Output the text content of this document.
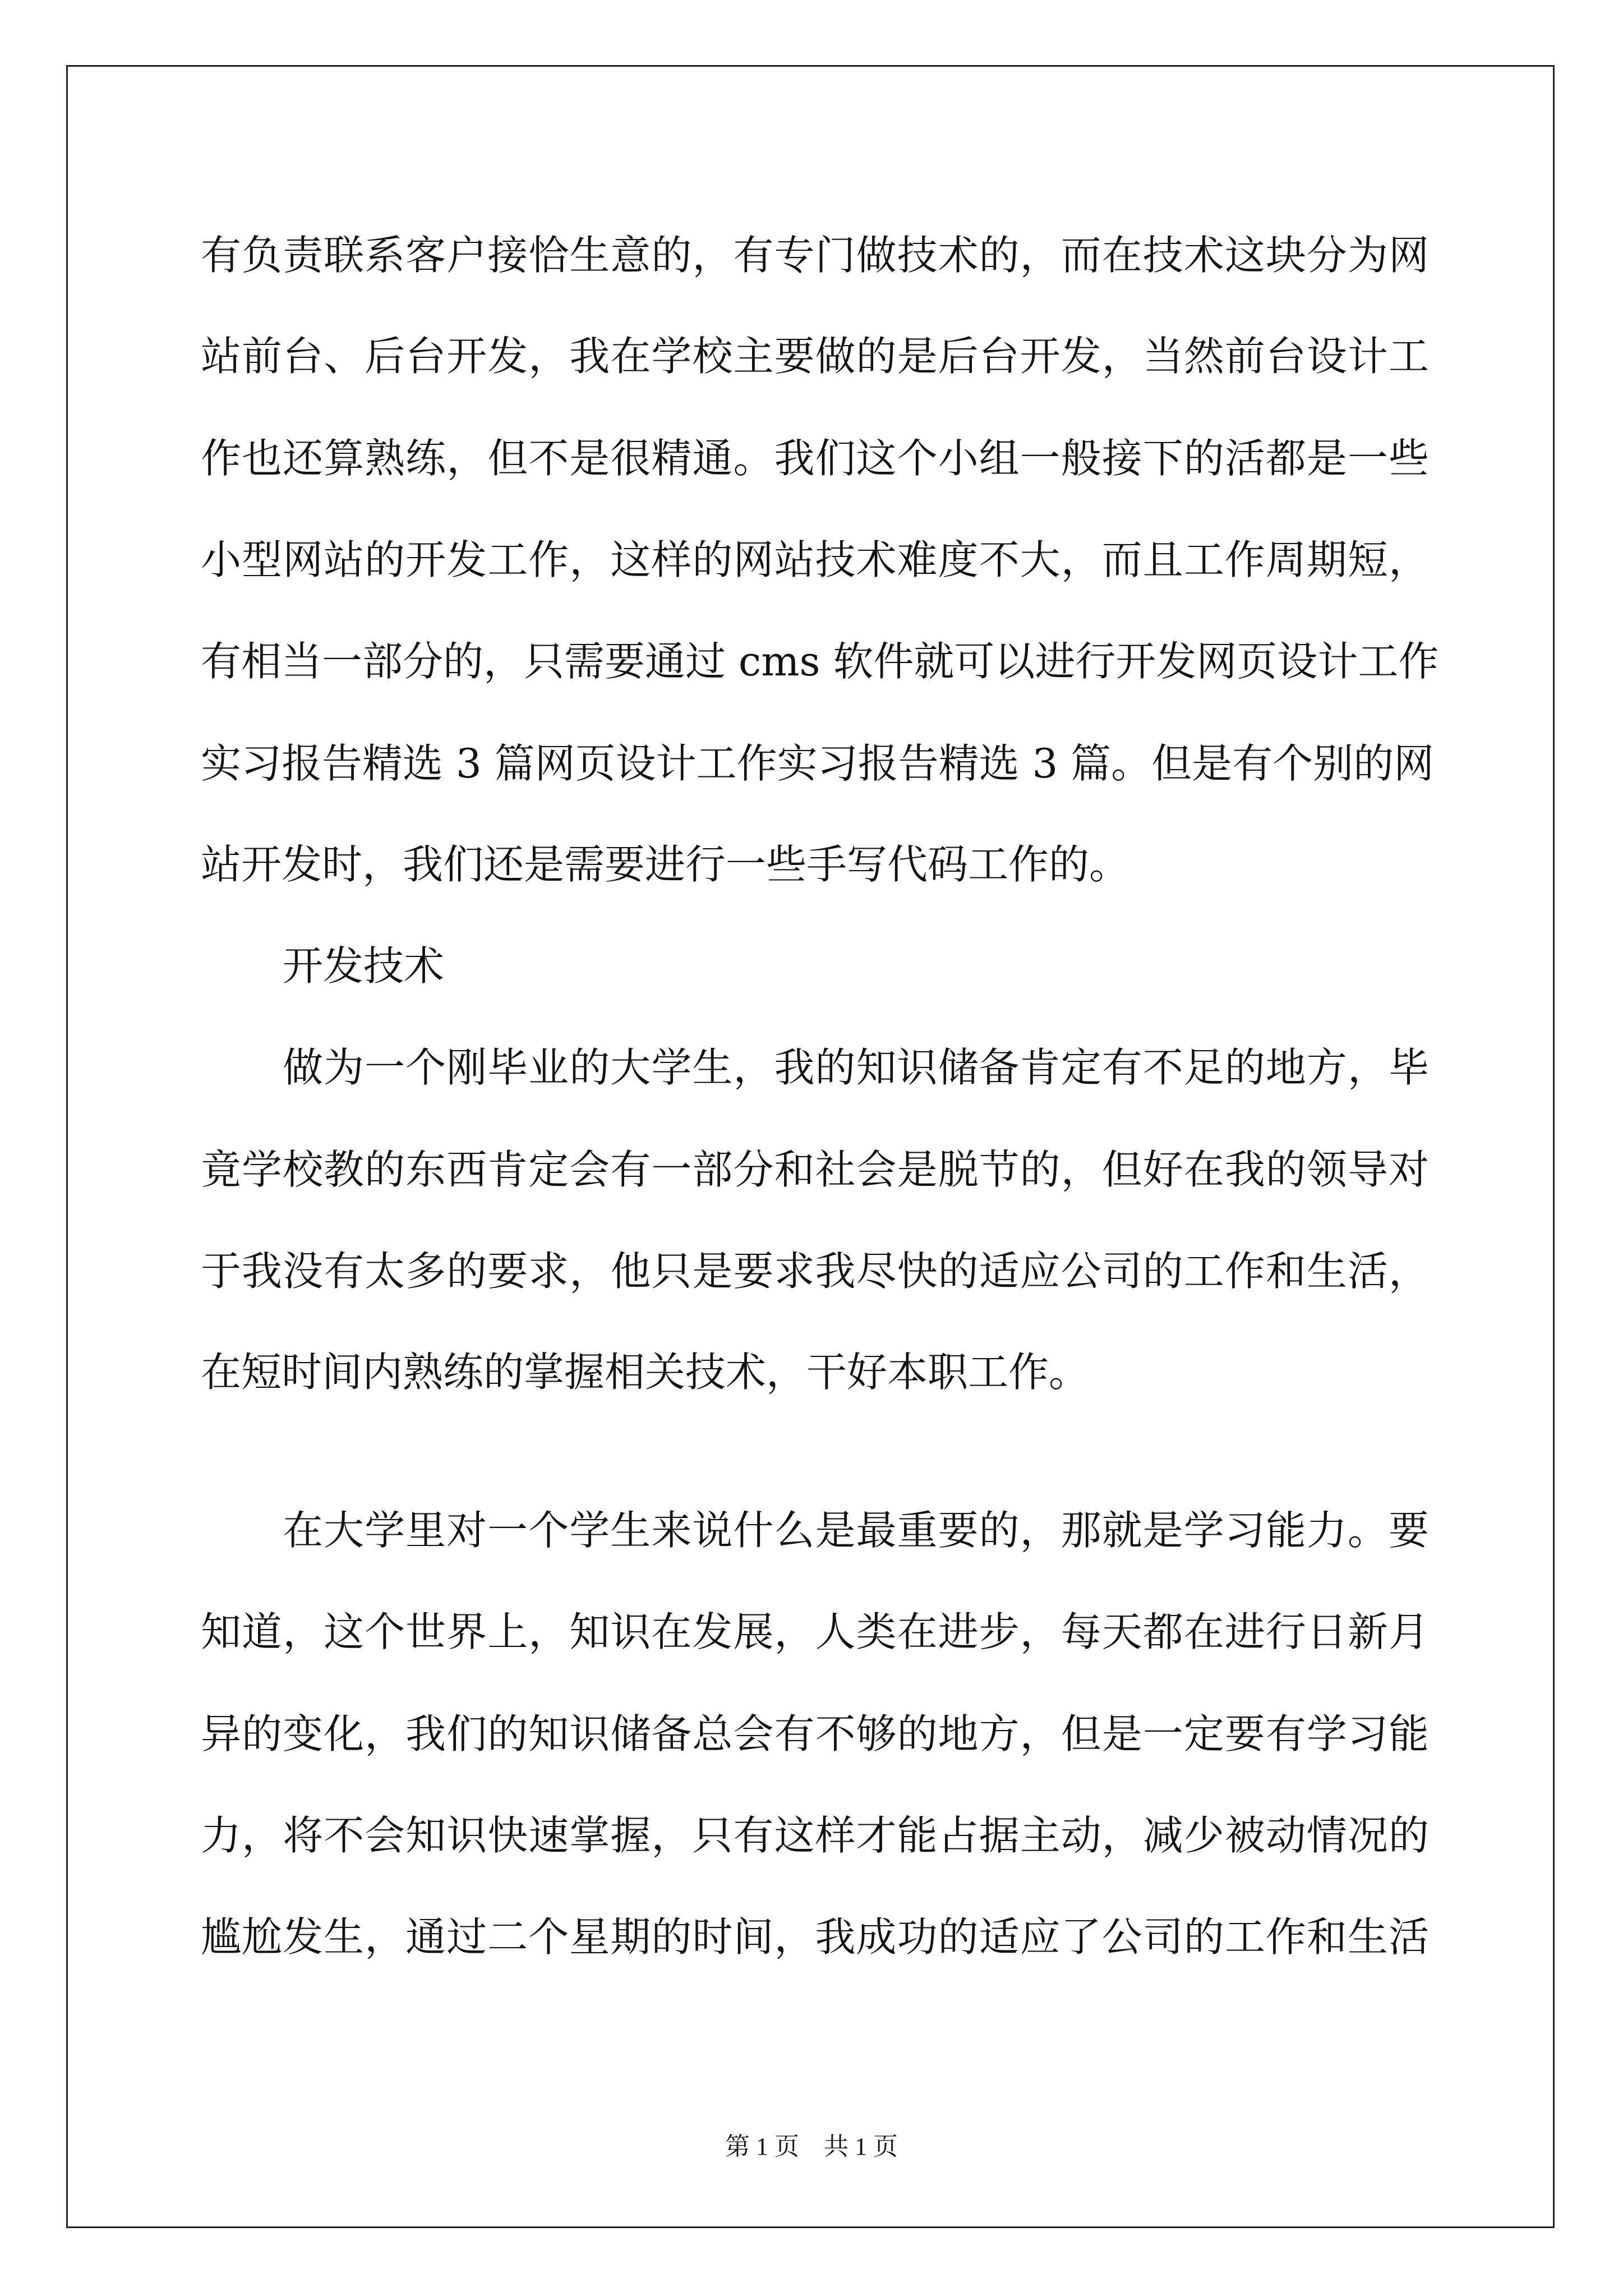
有负责联系客户接恰生意的，有专门做技术的，而在技术这块分为网
站前台、后台开发，我在学校主要做的是后台开发，当然前台设计工
作也还算熟练，但不是很精通。我们这个小组一般接下的活都是一些
小型网站的开发工作，这样的网站技术难度不大，而且工作周期短，
有相当一部分的，只需要通过 cms 软件就可以进行开发网页设计工作
实习报告精选 3 篇网页设计工作实习报告精选 3 篇。但是有个别的网
站开发时，我们还是需要进行一些手写代码工作的。
开发技术
做为一个刚毕业的大学生，我的知识储备肯定有不足的地方，毕
竟学校教的东西肯定会有一部分和社会是脱节的，但好在我的领导对
于我没有太多的要求，他只是要求我尽快的适应公司的工作和生活，
在短时间内熟练的掌握相关技术，干好本职工作。
在大学里对一个学生来说什么是最重要的，那就是学习能力。要
知道，这个世界上，知识在发展，人类在进步，每天都在进行日新月
异的变化，我们的知识储备总会有不够的地方，但是一定要有学习能
力，将不会知识快速掌握，只有这样才能占据主动，减少被动情况的
尴尬发生，通过二个星期的时间，我成功的适应了公司的工作和生活
第 1 页　共 1 页
